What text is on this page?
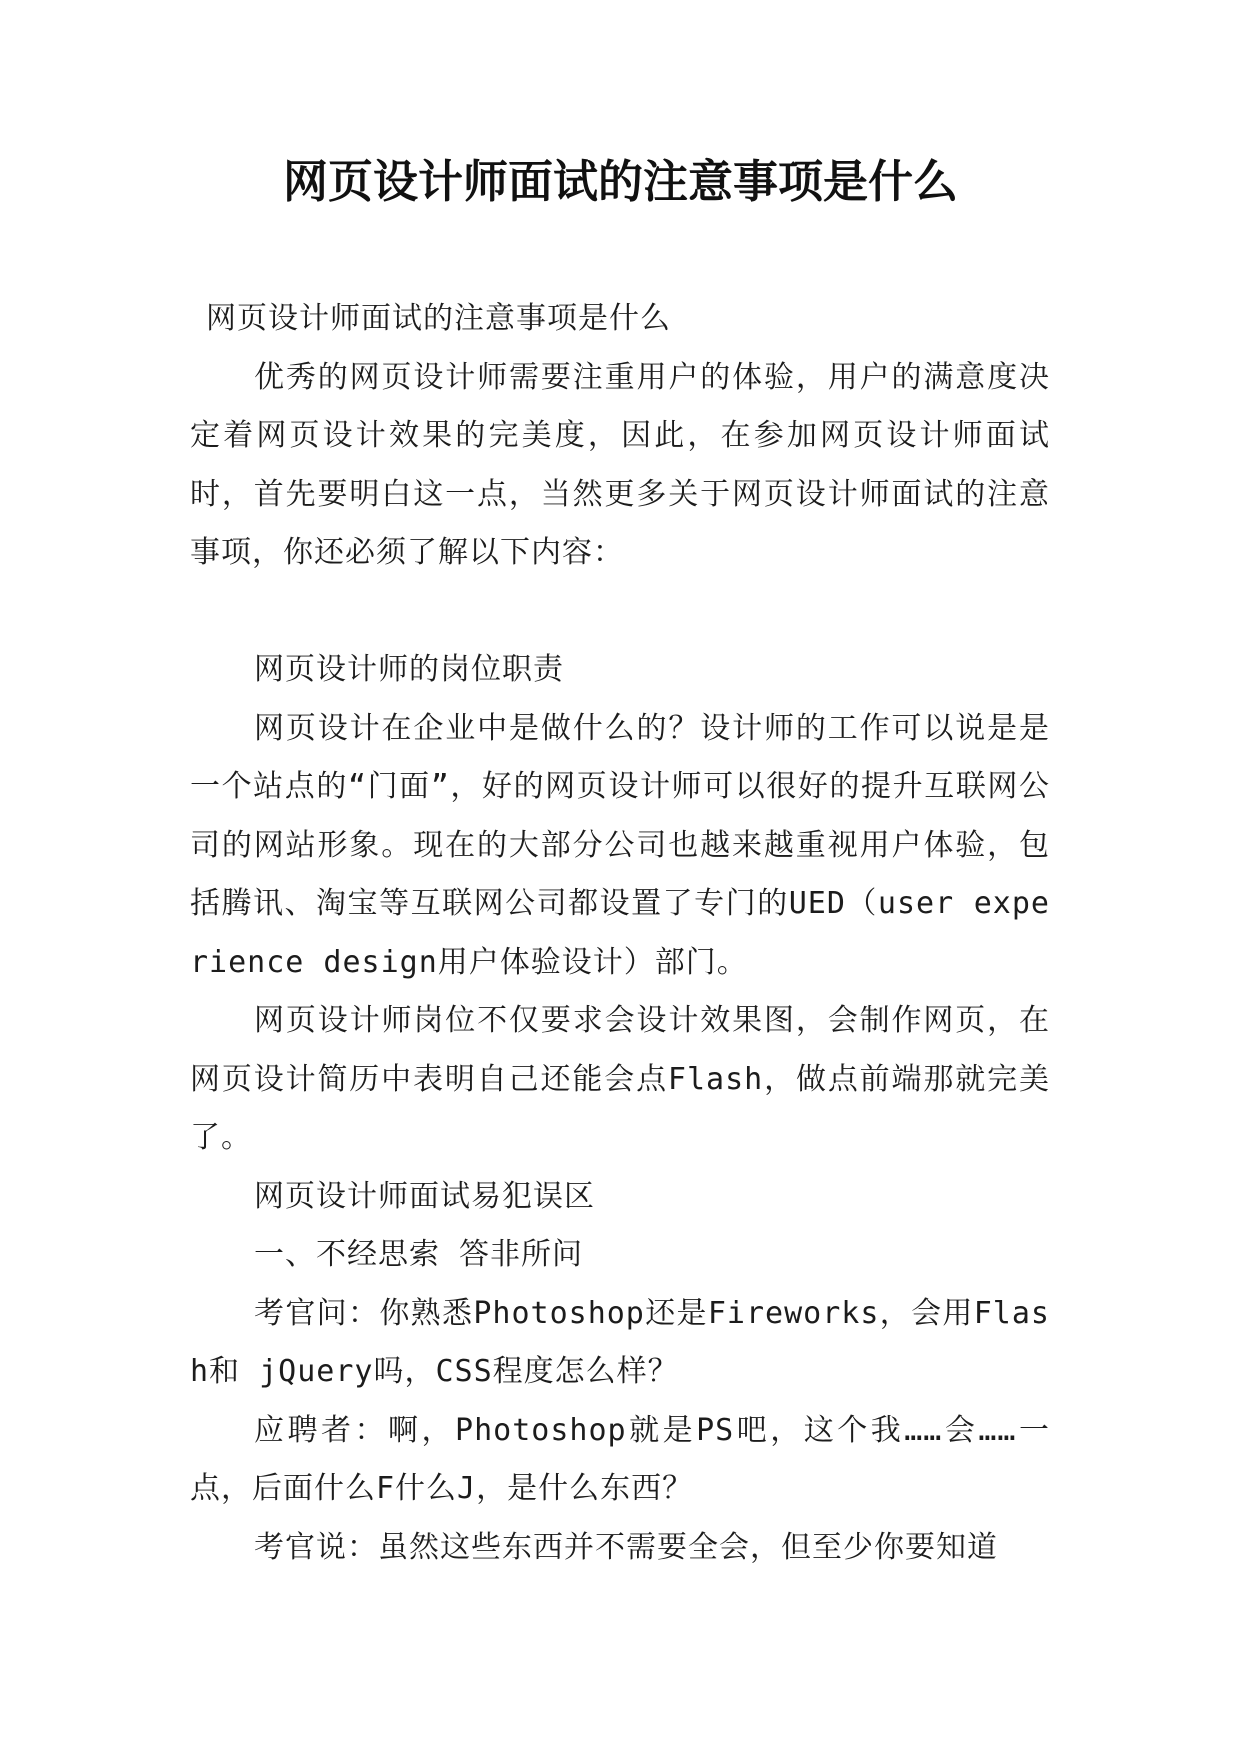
网页设计师面试的注意事项是什么

网页设计师面试的注意事项是什么

优秀的网页设计师需要注重用户的体验，用户的满意度决定着网页设计效果的完美度，因此，在参加网页设计师面试时，首先要明白这一点，当然更多关于网页设计师面试的注意事项，你还必须了解以下内容：

网页设计师的岗位职责

网页设计在企业中是做什么的？设计师的工作可以说是是一个站点的“门面”，好的网页设计师可以很好的提升互联网公司的网站形象。现在的大部分公司也越来越重视用户体验，包括腾讯、淘宝等互联网公司都设置了专门的UED（user experience design用户体验设计）部门。

网页设计师岗位不仅要求会设计效果图，会制作网页，在网页设计简历中表明自己还能会点Flash，做点前端那就完美了。

网页设计师面试易犯误区

一、不经思索 答非所问

考官问：你熟悉Photoshop还是Fireworks，会用Flash和 jQuery吗，CSS程度怎么样？

应聘者：啊，Photoshop就是PS吧，这个我……会……一点，后面什么F什么J，是什么东西？

考官说：虽然这些东西并不需要全会，但至少你要知道
